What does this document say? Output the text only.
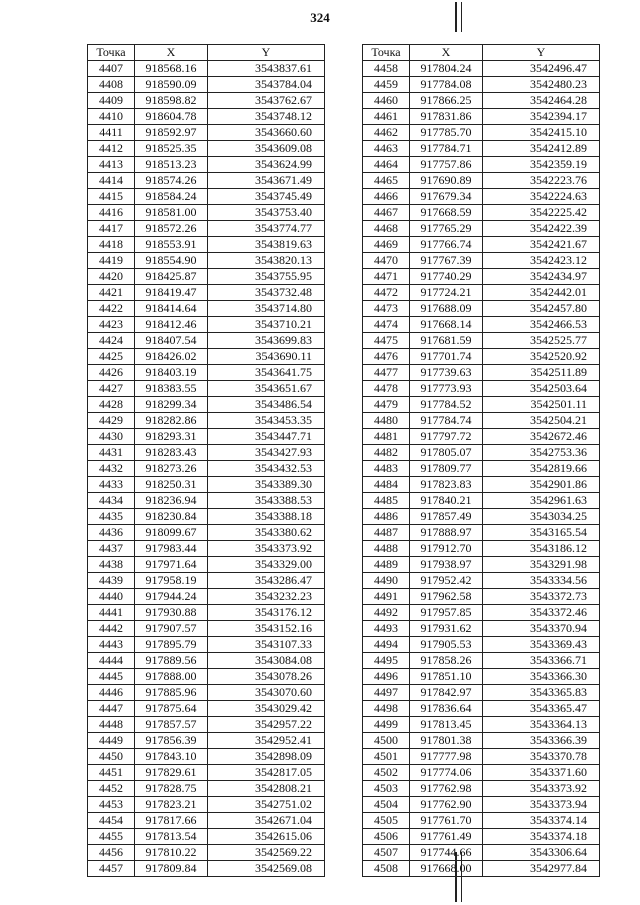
324
Точка	X	Y
4407	918568.16	3543837.61
4408	918590.09	3543784.04
4409	918598.82	3543762.67
4410	918604.78	3543748.12
4411	918592.97	3543660.60
4412	918525.35	3543609.08
4413	918513.23	3543624.99
4414	918574.26	3543671.49
4415	918584.24	3543745.49
4416	918581.00	3543753.40
4417	918572.26	3543774.77
4418	918553.91	3543819.63
4419	918554.90	3543820.13
4420	918425.87	3543755.95
4421	918419.47	3543732.48
4422	918414.64	3543714.80
4423	918412.46	3543710.21
4424	918407.54	3543699.83
4425	918426.02	3543690.11
4426	918403.19	3543641.75
4427	918383.55	3543651.67
4428	918299.34	3543486.54
4429	918282.86	3543453.35
4430	918293.31	3543447.71
4431	918283.43	3543427.93
4432	918273.26	3543432.53
4433	918250.31	3543389.30
4434	918236.94	3543388.53
4435	918230.84	3543388.18
4436	918099.67	3543380.62
4437	917983.44	3543373.92
4438	917971.64	3543329.00
4439	917958.19	3543286.47
4440	917944.24	3543232.23
4441	917930.88	3543176.12
4442	917907.57	3543152.16
4443	917895.79	3543107.33
4444	917889.56	3543084.08
4445	917888.00	3543078.26
4446	917885.96	3543070.60
4447	917875.64	3543029.42
4448	917857.57	3542957.22
4449	917856.39	3542952.41
4450	917843.10	3542898.09
4451	917829.61	3542817.05
4452	917828.75	3542808.21
4453	917823.21	3542751.02
4454	917817.66	3542671.04
4455	917813.54	3542615.06
4456	917810.22	3542569.22
4457	917809.84	3542569.08
Точка	X	Y
4458	917804.24	3542496.47
4459	917784.08	3542480.23
4460	917866.25	3542464.28
4461	917831.86	3542394.17
4462	917785.70	3542415.10
4463	917784.71	3542412.89
4464	917757.86	3542359.19
4465	917690.89	3542223.76
4466	917679.34	3542224.63
4467	917668.59	3542225.42
4468	917765.29	3542422.39
4469	917766.74	3542421.67
4470	917767.39	3542423.12
4471	917740.29	3542434.97
4472	917724.21	3542442.01
4473	917688.09	3542457.80
4474	917668.14	3542466.53
4475	917681.59	3542525.77
4476	917701.74	3542520.92
4477	917739.63	3542511.89
4478	917773.93	3542503.64
4479	917784.52	3542501.11
4480	917784.74	3542504.21
4481	917797.72	3542672.46
4482	917805.07	3542753.36
4483	917809.77	3542819.66
4484	917823.83	3542901.86
4485	917840.21	3542961.63
4486	917857.49	3543034.25
4487	917888.97	3543165.54
4488	917912.70	3543186.12
4489	917938.97	3543291.98
4490	917952.42	3543334.56
4491	917962.58	3543372.73
4492	917957.85	3543372.46
4493	917931.62	3543370.94
4494	917905.53	3543369.43
4495	917858.26	3543366.71
4496	917851.10	3543366.30
4497	917842.97	3543365.83
4498	917836.64	3543365.47
4499	917813.45	3543364.13
4500	917801.38	3543366.39
4501	917777.98	3543370.78
4502	917774.06	3543371.60
4503	917762.98	3543373.92
4504	917762.90	3543373.94
4505	917761.70	3543374.14
4506	917761.49	3543374.18
4507	917744.66	3543306.64
4508	917668.00	3542977.84
